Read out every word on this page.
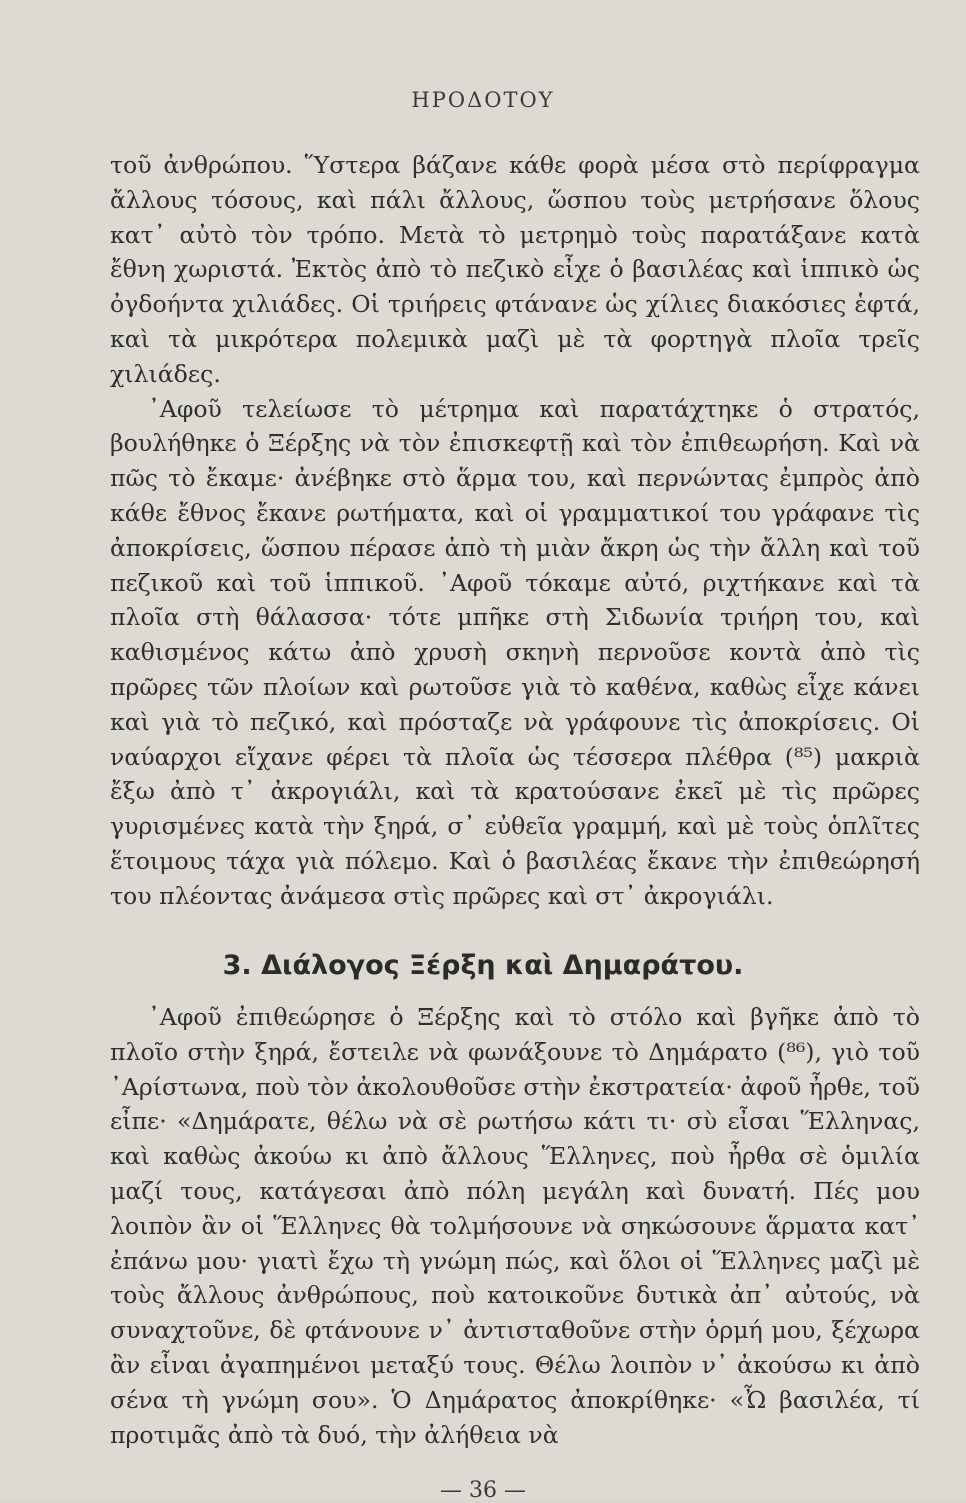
ΗΡΟΔΟΤΟΥ

τοῦ ἀνθρώπου. Ὕστερα βάζανε κάθε φορὰ μέσα στὸ περίφραγμα ἄλλους τόσους, καὶ πάλι ἄλλους, ὥσπου τοὺς μετρήσανε ὅλους κατ᾿ αὐτὸ τὸν τρόπο. Μετὰ τὸ μετρημὸ τοὺς παρατάξανε κατὰ ἔθνη χωριστά. Ἐκτὸς ἀπὸ τὸ πεζικὸ εἶχε ὁ βασιλέας καὶ ἱππικὸ ὡς ὀγδοήντα χιλιάδες. Οἱ τριήρεις φτάνανε ὡς χίλιες διακόσιες ἑφτά, καὶ τὰ μικρότερα πολεμικὰ μαζὶ μὲ τὰ φορτηγὰ πλοῖα τρεῖς χιλιάδες.

᾿Αφοῦ τελείωσε τὸ μέτρημα καὶ παρατάχτηκε ὁ στρατός, βουλήθηκε ὁ Ξέρξης νὰ τὸν ἐπισκεφτῇ καὶ τὸν ἐπιθεωρήση. Καὶ νὰ πῶς τὸ ἔκαμε· ἀνέβηκε στὸ ἅρμα του, καὶ περνώντας ἐμπρὸς ἀπὸ κάθε ἔθνος ἔκανε ρωτήματα, καὶ οἱ γραμματικοί του γράφανε τὶς ἀποκρίσεις, ὥσπου πέρασε ἀπὸ τὴ μιὰν ἄκρη ὡς τὴν ἄλλη καὶ τοῦ πεζικοῦ καὶ τοῦ ἱππικοῦ. ᾿Αφοῦ τόκαμε αὐτό, ριχτήκανε καὶ τὰ πλοῖα στὴ θάλασσα· τότε μπῆκε στὴ Σιδωνία τριήρη του, καὶ καθισμένος κάτω ἀπὸ χρυσὴ σκηνὴ περνοῦσε κοντὰ ἀπὸ τὶς πρῶρες τῶν πλοίων καὶ ρωτοῦσε γιὰ τὸ καθένα, καθὼς εἶχε κάνει καὶ γιὰ τὸ πεζικό, καὶ πρόσταζε νὰ γράφουνε τὶς ἀποκρίσεις. Οἱ ναύαρχοι εἴχανε φέρει τὰ πλοῖα ὡς τέσσερα πλέθρα (⁸⁵) μακριὰ ἔξω ἀπὸ τ᾿ ἀκρογιάλι, καὶ τὰ κρατούσανε ἐκεῖ μὲ τὶς πρῶρες γυρισμένες κατὰ τὴν ξηρά, σ᾿ εὐθεῖα γραμμή, καὶ μὲ τοὺς ὁπλῖτες ἕτοιμους τάχα γιὰ πόλεμο. Καὶ ὁ βασιλέας ἔκανε τὴν ἐπιθεώρησή του πλέοντας ἀνάμεσα στὶς πρῶρες καὶ στ᾿ ἀκρογιάλι.

3. Διάλογος Ξέρξη καὶ Δημαράτου.

᾿Αφοῦ ἐπιθεώρησε ὁ Ξέρξης καὶ τὸ στόλο καὶ βγῆκε ἀπὸ τὸ πλοῖο στὴν ξηρά, ἔστειλε νὰ φωνάξουνε τὸ Δημάρατο (⁸⁶), γιὸ τοῦ ᾿Αρίστωνα, ποὺ τὸν ἀκολουθοῦσε στὴν ἐκστρατεία· ἀφοῦ ἦρθε, τοῦ εἶπε· «Δημάρατε, θέλω νὰ σὲ ρωτήσω κάτι τι· σὺ εἶσαι Ἕλληνας, καὶ καθὼς ἀκούω κι ἀπὸ ἄλλους Ἕλληνες, ποὺ ἦρθα σὲ ὁμιλία μαζί τους, κατάγεσαι ἀπὸ πόλη μεγάλη καὶ δυνατή. Πές μου λοιπὸν ἂν οἱ Ἕλληνες θὰ τολμήσουνε νὰ σηκώσουνε ἅρματα κατ᾿ ἐπάνω μου· γιατὶ ἔχω τὴ γνώμη πώς, καὶ ὅλοι οἱ Ἕλληνες μαζὶ μὲ τοὺς ἄλλους ἀνθρώπους, ποὺ κατοικοῦνε δυτικὰ ἀπ᾿ αὐτούς, νὰ συναχτοῦνε, δὲ φτάνουνε ν᾿ ἀντισταθοῦνε στὴν ὁρμή μου, ξέχωρα ἂν εἶναι ἀγαπημένοι μεταξύ τους. Θέλω λοιπὸν ν᾿ ἀκούσω κι ἀπὸ σένα τὴ γνώμη σου». Ὁ Δημάρατος ἀποκρίθηκε· «Ὦ βασιλέα, τί προτιμᾶς ἀπὸ τὰ δυό, τὴν ἀλήθεια νὰ

— 36 —
